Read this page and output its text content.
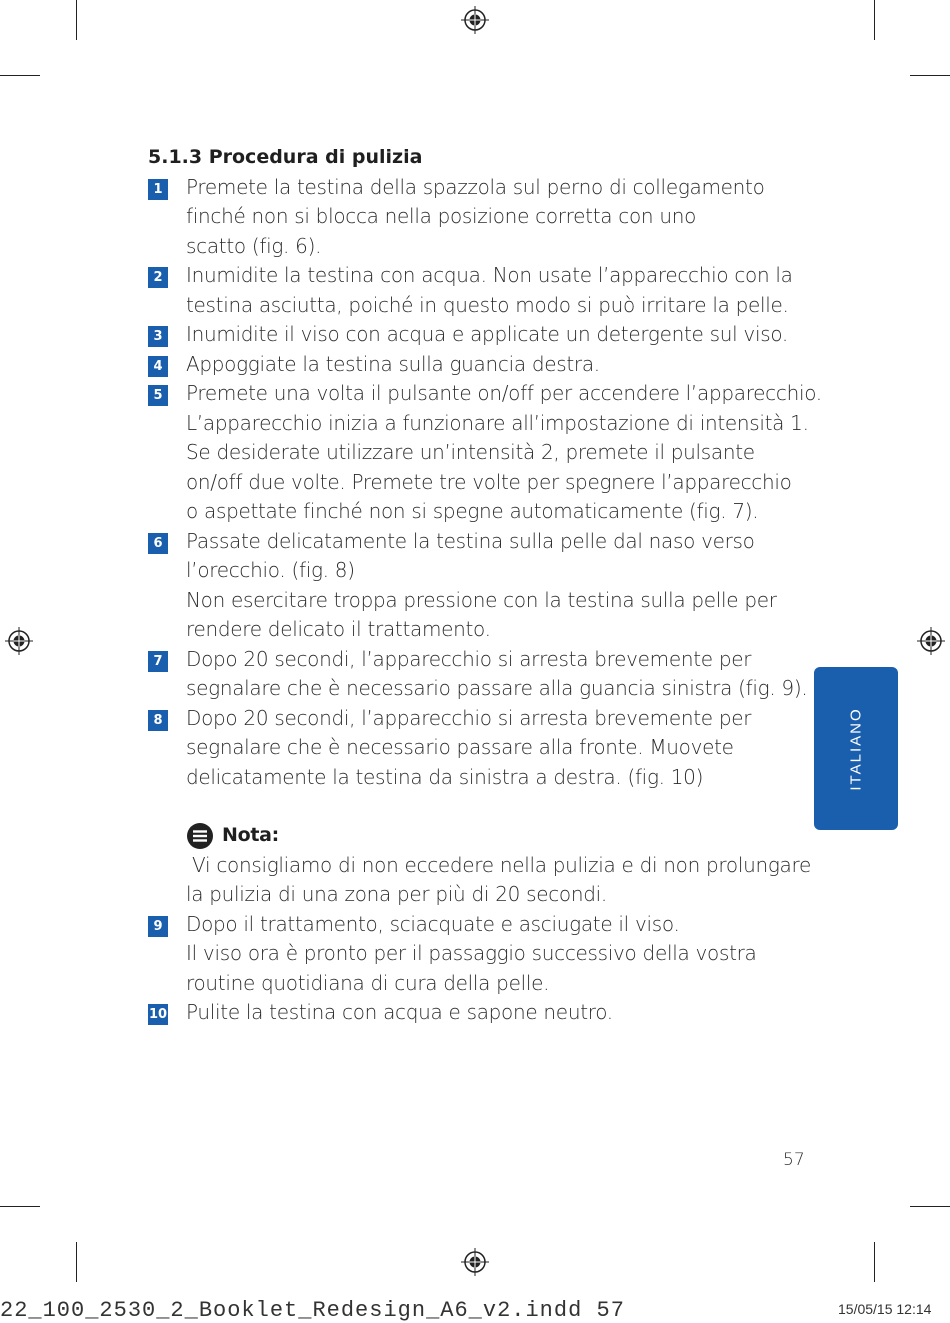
5.1.3 Procedura di pulizia
1 Premete la testina della spazzola sul perno di collegamento
finché non si blocca nella posizione corretta con uno
scatto (fig. 6).
2 Inumidite la testina con acqua. Non usate l’apparecchio con la
testina asciutta, poiché in questo modo si può irritare la pelle.
3 Inumidite il viso con acqua e applicate un detergente sul viso.
4 Appoggiate la testina sulla guancia destra.
5 Premete una volta il pulsante on/off per accendere l’apparecchio.
L’apparecchio inizia a funzionare all’impostazione di intensità 1.
Se desiderate utilizzare un’intensità 2, premete il pulsante
on/off due volte. Premete tre volte per spegnere l’apparecchio
o aspettate finché non si spegne automaticamente (fig. 7).
6 Passate delicatamente la testina sulla pelle dal naso verso
l’orecchio. (fig. 8)
Non esercitare troppa pressione con la testina sulla pelle per
rendere delicato il trattamento.
7 Dopo 20 secondi, l’apparecchio si arresta brevemente per
segnalare che è necessario passare alla guancia sinistra (fig. 9).
8 Dopo 20 secondi, l’apparecchio si arresta brevemente per
segnalare che è necessario passare alla fronte. Muovete
delicatamente la testina da sinistra a destra. (fig. 10)
Nota:
Vi consigliamo di non eccedere nella pulizia e di non prolungare
la pulizia di una zona per più di 20 secondi.
9 Dopo il trattamento, sciacquate e asciugate il viso.
Il viso ora è pronto per il passaggio successivo della vostra
routine quotidiana di cura della pelle.
10 Pulite la testina con acqua e sapone neutro.
ITALIANO
57
22_100_2530_2_Booklet_Redesign_A6_v2.indd 57	15/05/15 12:14
